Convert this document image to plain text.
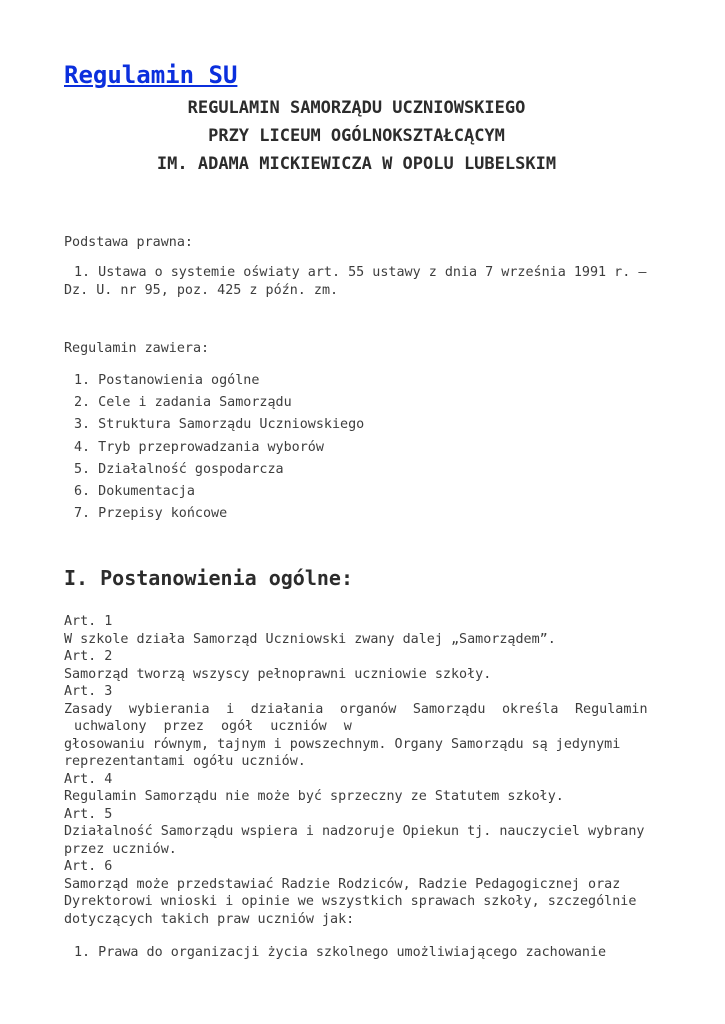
Regulamin SU
REGULAMIN SAMORZĄDU UCZNIOWSKIEGO
PRZY LICEUM OGÓLNOKSZTAŁCĄCYM
IM. ADAMA MICKIEWICZA W OPOLU LUBELSKIM
Podstawa prawna:
1. Ustawa o systemie oświaty art. 55 ustawy z dnia 7 września 1991 r. –
Dz. U. nr 95, poz. 425 z późn. zm.
Regulamin zawiera:
1. Postanowienia ogólne
2. Cele i zadania Samorządu
3. Struktura Samorządu Uczniowskiego
4. Tryb przeprowadzania wyborów
5. Działalność gospodarcza
6. Dokumentacja
7. Przepisy końcowe
I. Postanowienia ogólne:
Art. 1
W szkole działa Samorząd Uczniowski zwany dalej „Samorządem”.
Art. 2
Samorząd tworzą wszyscy pełnoprawni uczniowie szkoły.
Art. 3
Zasady wybierania i działania organów Samorządu określa Regulamin
uchwalony przez ogół uczniów w
głosowaniu równym, tajnym i powszechnym. Organy Samorządu są jedynymi
reprezentantami ogółu uczniów.
Art. 4
Regulamin Samorządu nie może być sprzeczny ze Statutem szkoły.
Art. 5
Działalność Samorządu wspiera i nadzoruje Opiekun tj. nauczyciel wybrany
przez uczniów.
Art. 6
Samorząd może przedstawiać Radzie Rodziców, Radzie Pedagogicznej oraz
Dyrektorowi wnioski i opinie we wszystkich sprawach szkoły, szczególnie
dotyczących takich praw uczniów jak:
1. Prawa do organizacji życia szkolnego umożliwiającego zachowanie
